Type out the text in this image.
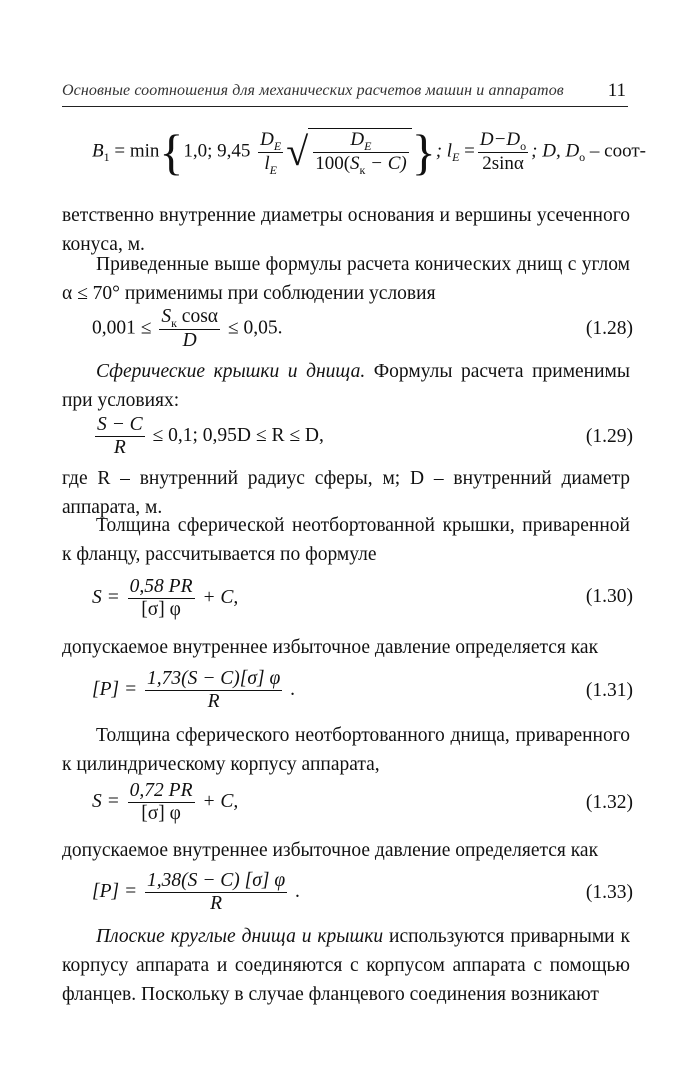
Основные соотношения для механических расчетов машин и аппаратов 11
$B_1 = \min\{1,0$; $9,45 \frac{D_E}{l_E}$ √ $\frac{D_E}{100(S_к - C)}$ }; $l_E = \frac{D-D_о}{2\sin\alpha}$ ; D, $D_о$ – соот-

ветственно внутренние диаметры основания и вершины усеченного конуса, м.

Приведенные выше формулы расчета конических днищ с углом α ≤ 70° применимы при соблюдении условия

$0,001 \le \frac{S_к \cos\alpha}{D} \le 0,05$.	(1.28)

Сферические крышки и днища. Формулы расчета применимы при условиях:

$\frac{S - C}{R} \le 0,1$; 0,95D ≤ R ≤ D,	(1.29)

где R – внутренний радиус сферы, м; D – внутренний диаметр аппарата, м.

Толщина сферической неотбортованной крышки, приваренной к фланцу, рассчитывается по формуле

$S = \frac{0,58 PR}{[\sigma] \varphi} + C$,	(1.30)

допускаемое внутреннее избыточное давление определяется как

$[P] = \frac{1,73(S - C)[\sigma] \varphi}{R}$ .	(1.31)

Толщина сферического неотбортованного днища, приваренного к цилиндрическому корпусу аппарата,

$S = \frac{0,72 PR}{[\sigma] \varphi} + C$,	(1.32)

допускаемое внутреннее избыточное давление определяется как

$[P] = \frac{1,38(S - C) [\sigma] \varphi}{R}$ .	(1.33)

Плоские круглые днища и крышки используются приварными к корпусу аппарата и соединяются с корпусом аппарата с помощью фланцев. Поскольку в случае фланцевого соединения возникают
